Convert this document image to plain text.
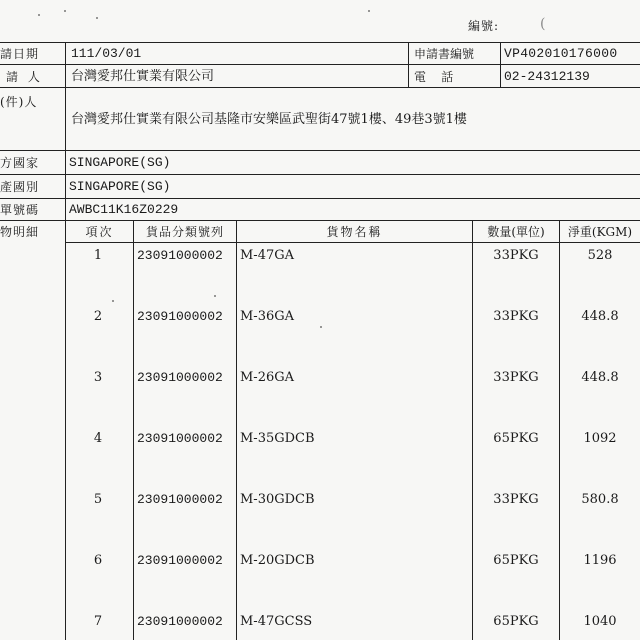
編號:	(
請日期 111/03/01	申請書編號 VP402010176000
請 人 台灣愛邦仕實業有限公司	電    話	02-24312139
(件)人
台灣愛邦仕實業有限公司基隆市安樂區武聖街47號1樓、49巷3號1樓
方國家 SINGAPORE(SG)
產國別 SINGAPORE(SG)
單號碼 AWBC11K16Z0229
物明細	項次	貨品分類號列	貨物名稱	數量(單位)	淨重(KGM)
1	23091000002 M-47GA	33PKG	528
2	23091000002 M-36GA	33PKG	448.8
3	23091000002 M-26GA	33PKG	448.8
4	23091000002 M-35GDCB	65PKG	1092
5	23091000002 M-30GDCB	33PKG	580.8
6	23091000002 M-20GDCB	65PKG	1196
7	23091000002 M-47GCSS	65PKG	1040
